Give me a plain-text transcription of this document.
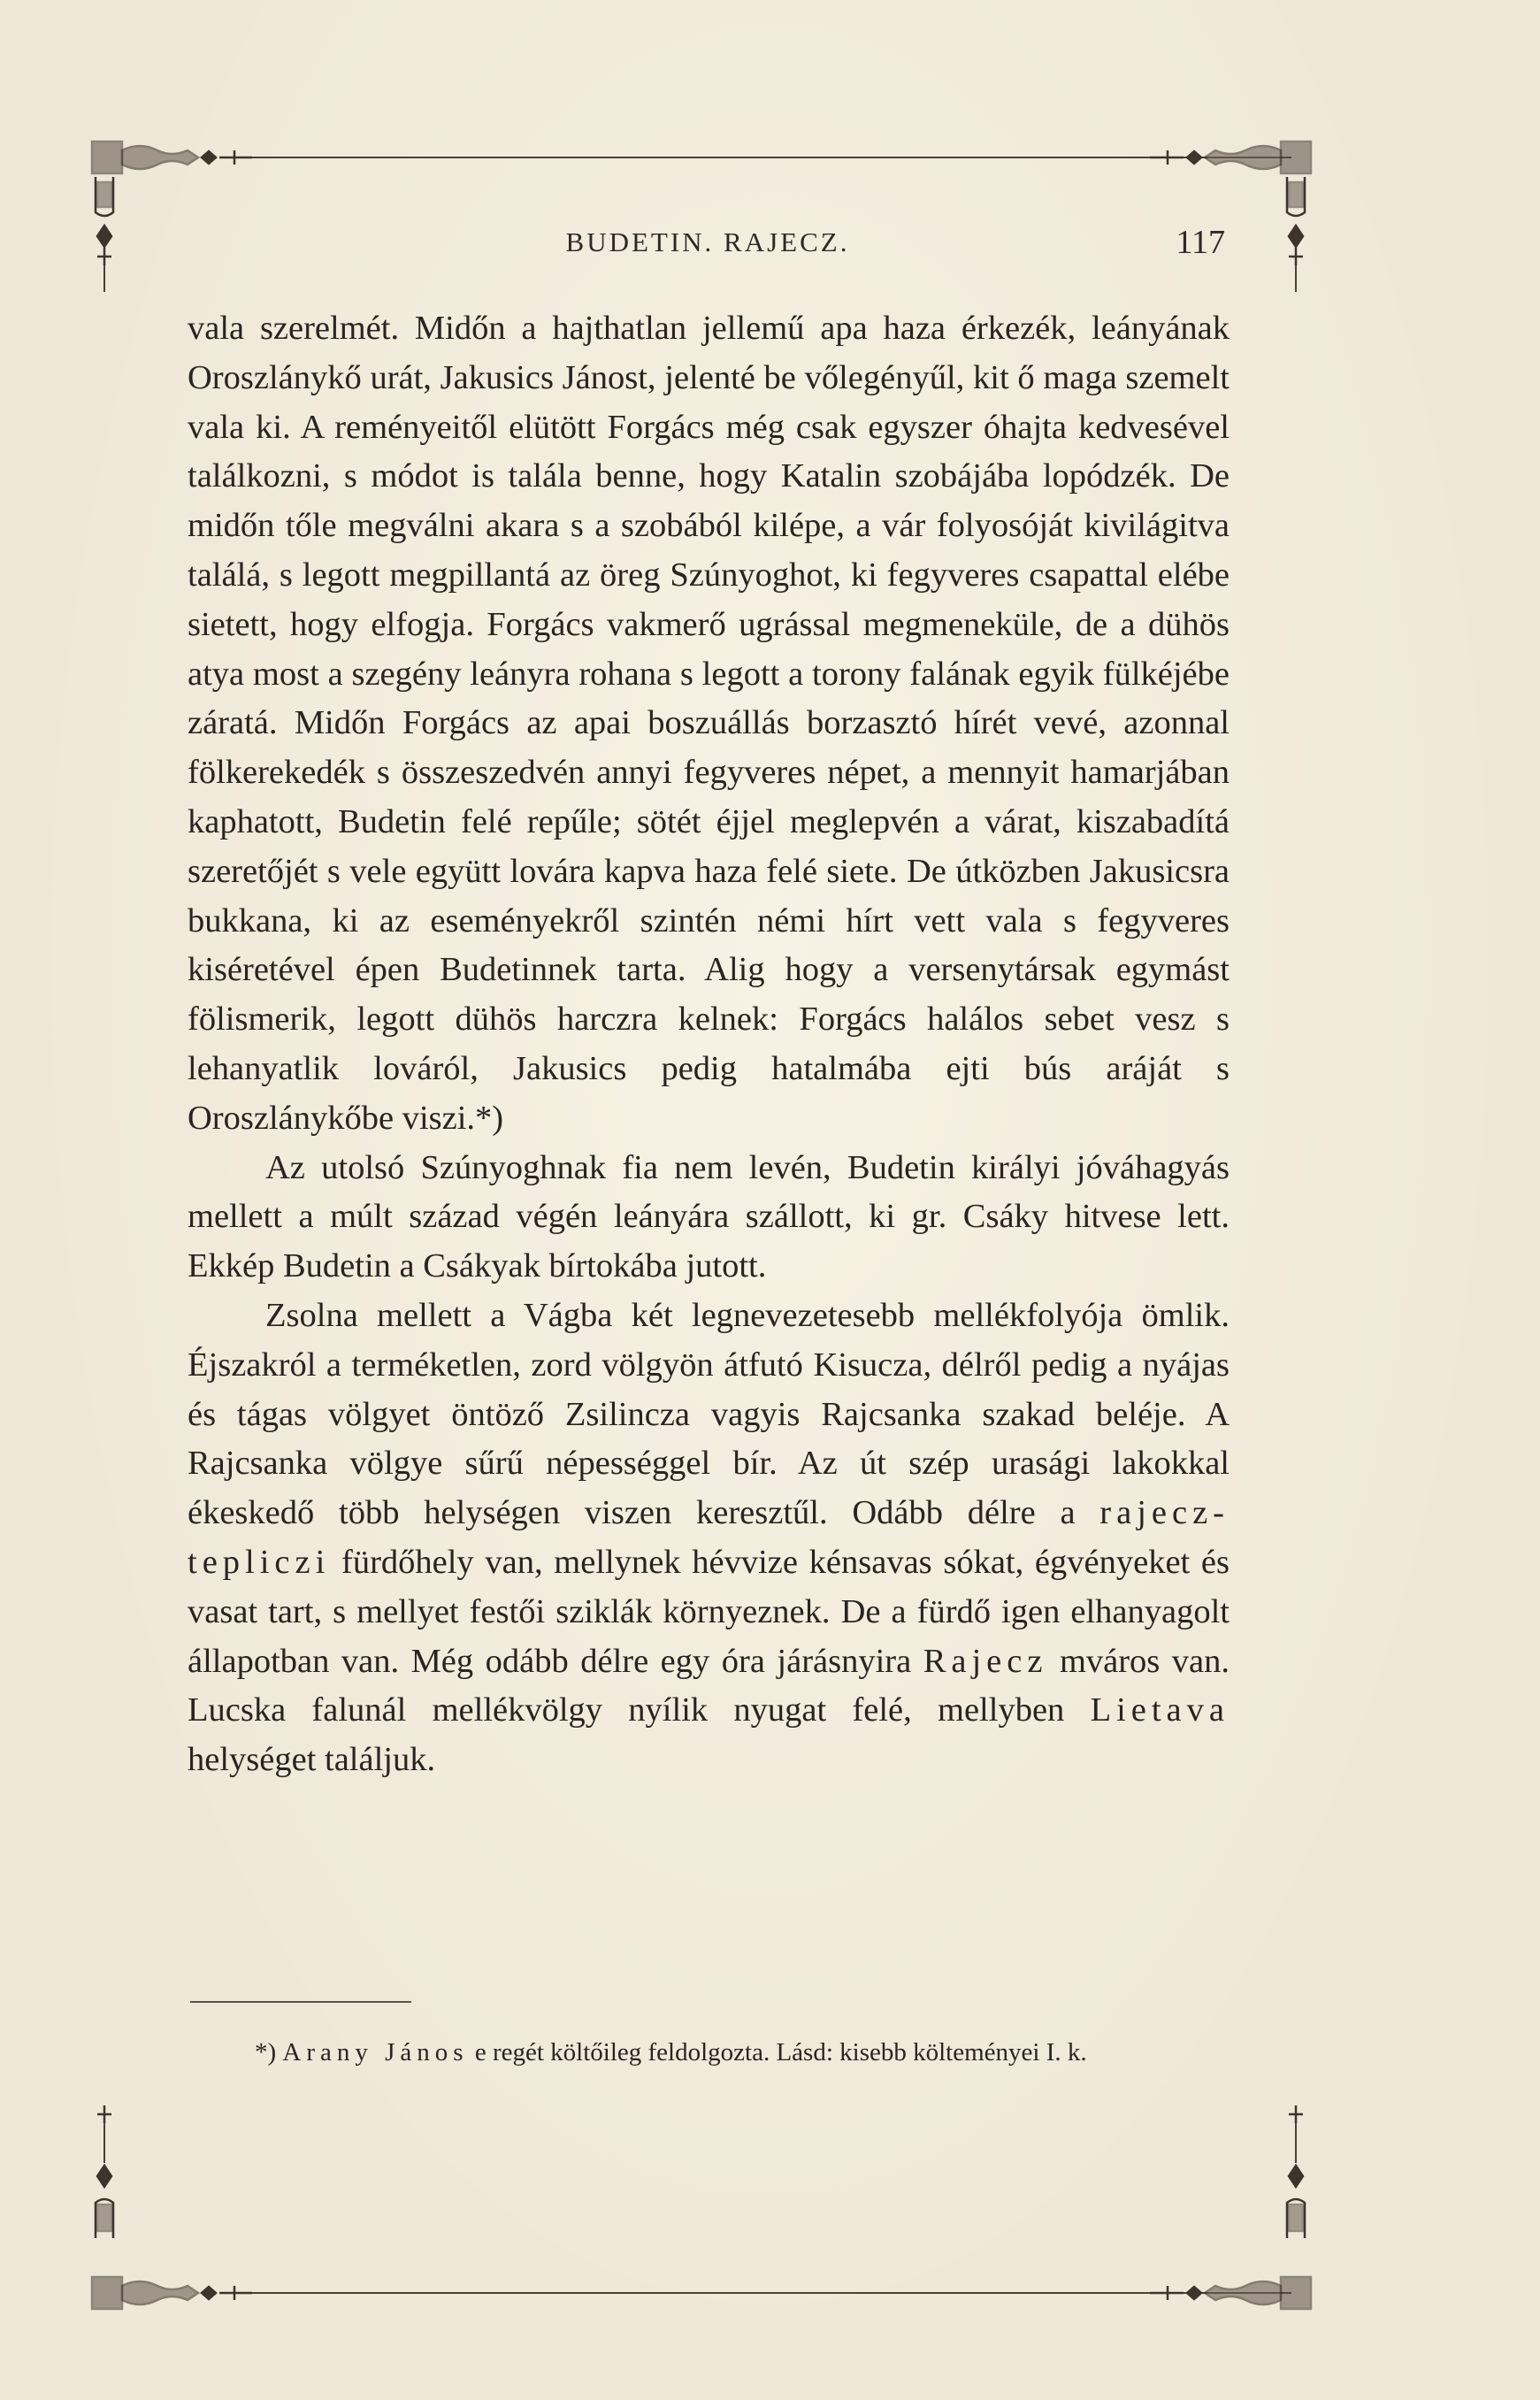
BUDETIN. RAJECZ.	117

vala szerelmét. Midőn a hajthatlan jellemű apa haza érkezék, leányának Oroszlánykő urát, Jakusics Jánost, jelenté be vőlegényűl, kit ő maga szemelt vala ki. A reményeitől elütött Forgács még csak egyszer óhajta kedvesével találkozni, s módot is talála benne, hogy Katalin szobájába lopódzék. De midőn tőle megválni akara s a szobából kilépe, a vár folyosóját kivilágitva találá, s legott megpillantá az öreg Szúnyoghot, ki fegyveres csapattal elébe sietett, hogy elfogja. Forgács vakmerő ugrással megmeneküle, de a dühös atya most a szegény leányra rohana s legott a torony falának egyik fülkéjébe záratá. Midőn Forgács az apai boszuállás borzasztó hírét vevé, azonnal fölkerekedék s összeszedvén annyi fegyveres népet, a mennyit hamarjában kaphatott, Budetin felé repűle; sötét éjjel meglepvén a várat, kiszabadítá szeretőjét s vele együtt lovára kapva haza felé siete. De útközben Jakusicsra bukkana, ki az eseményekről szintén némi hírt vett vala s fegyveres kiséretével épen Budetinnek tarta. Alig hogy a versenytársak egymást fölismerik, legott dühös harczra kelnek: Forgács halálos sebet vesz s lehanyatlik lováról, Jakusics pedig hatalmába ejti bús aráját s Oroszlánykőbe viszi.*)

Az utolsó Szúnyoghnak fia nem levén, Budetin királyi jóváhagyás mellett a múlt század végén leányára szállott, ki gr. Csáky hitvese lett. Ekkép Budetin a Csákyak bírtokába jutott.

Zsolna mellett a Vágba két legnevezetesebb mellékfolyója ömlik. Éjszakról a terméketlen, zord völgyön átfutó Kisucza, délről pedig a nyájas és tágas völgyet öntöző Zsilincza vagyis Rajcsanka szakad beléje. A Rajcsanka völgye sűrű népességgel bír. Az út szép urasági lakokkal ékeskedő több helységen viszen keresztűl. Odább délre a rajecz-tepliczi fürdőhely van, mellynek hévvize kénsavas sókat, égvényeket és vasat tart, s mellyet festői sziklák környeznek. De a fürdő igen elhanyagolt állapotban van. Még odább délre egy óra járásnyira Rajecz mváros van. Lucska falunál mellékvölgy nyílik nyugat felé, mellyben Lietava helységet találjuk.

*) Arany János e regét költőileg feldolgozta. Lásd: kisebb költeményei I. k.
